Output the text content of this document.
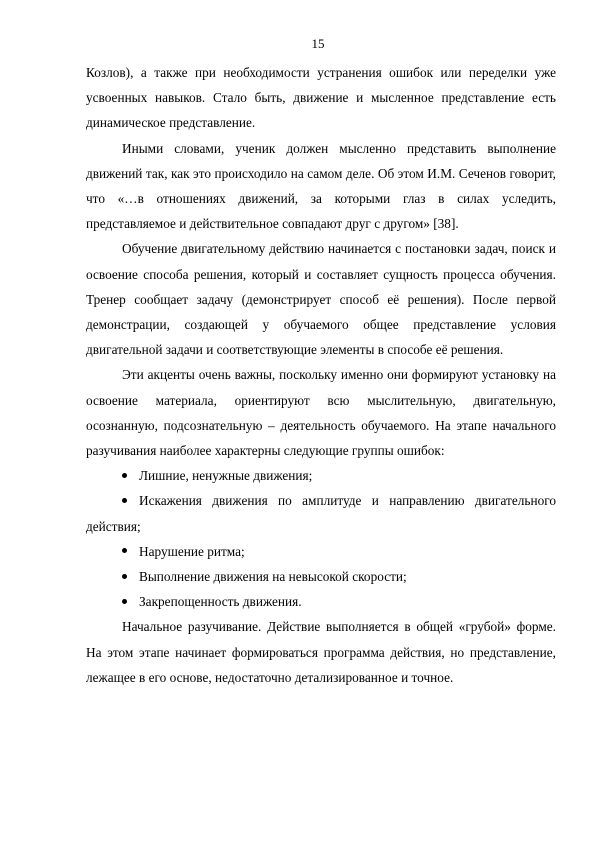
15

Козлов), а также при необходимости устранения ошибок или переделки уже усвоенных навыков. Стало быть, движение и мысленное представление есть динамическое представление.

Иными словами, ученик должен мысленно представить выполнение движений так, как это происходило на самом деле. Об этом И.М. Сеченов говорит, что «…в отношениях движений, за которыми глаз в силах уследить, представляемое и действительное совпадают друг с другом» [38].

Обучение двигательному действию начинается с постановки задач, поиск и освоение способа решения, который и составляет сущность процесса обучения. Тренер сообщает задачу (демонстрирует способ её решения). После первой демонстрации, создающей у обучаемого общее представление условия двигательной задачи и соответствующие элементы в способе её решения.

Эти акценты очень важны, поскольку именно они формируют установку на освоение материала, ориентируют всю мыслительную, двигательную, осознанную, подсознательную – деятельность обучаемого. На этапе начального разучивания наиболее характерны следующие группы ошибок:

Лишние, ненужные движения;

Искажения движения по амплитуде и направлению двигательного действия;

Нарушение ритма;

Выполнение движения на невысокой скорости;

Закрепощенность движения.

Начальное разучивание. Действие выполняется в общей «грубой» форме. На этом этапе начинает формироваться программа действия, но представление, лежащее в его основе, недостаточно детализированное и точное.
